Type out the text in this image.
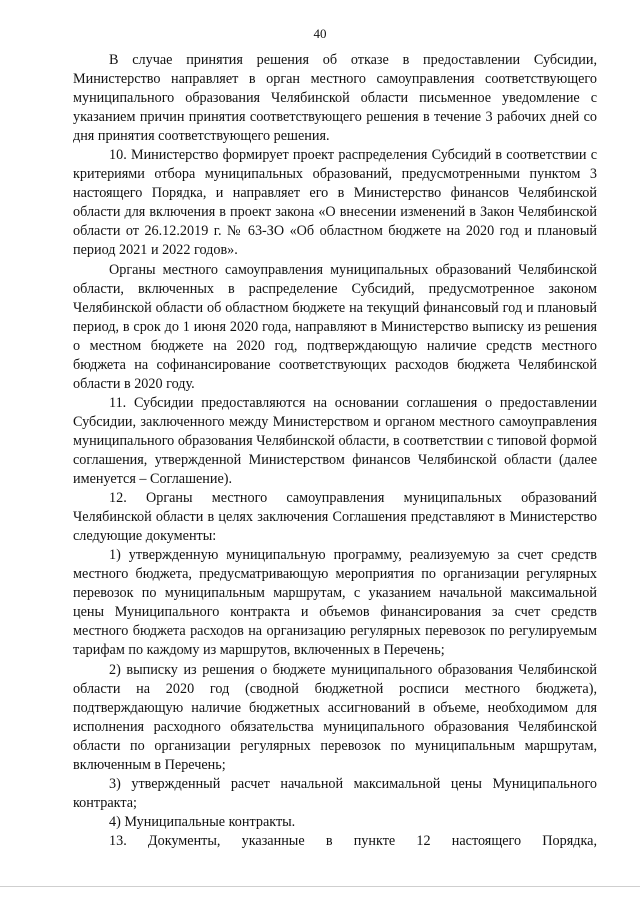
40

В случае принятия решения об отказе в предоставлении Субсидии, Министерство направляет в орган местного самоуправления соответствующего муниципального образования Челябинской области письменное уведомление с указанием причин принятия соответствующего решения в течение 3 рабочих дней со дня принятия соответствующего решения.

10. Министерство формирует проект распределения Субсидий в соответствии с критериями отбора муниципальных образований, предусмотренными пунктом 3 настоящего Порядка, и направляет его в Министерство финансов Челябинской области для включения в проект закона «О внесении изменений в Закон Челябинской области от 26.12.2019 г. № 63-ЗО «Об областном бюджете на 2020 год и плановый период 2021 и 2022 годов».

Органы местного самоуправления муниципальных образований Челябинской области, включенных в распределение Субсидий, предусмотренное законом Челябинской области об областном бюджете на текущий финансовый год и плановый период, в срок до 1 июня 2020 года, направляют в Министерство выписку из решения о местном бюджете на 2020 год, подтверждающую наличие средств местного бюджета на софинансирование соответствующих расходов бюджета Челябинской области в 2020 году.

11. Субсидии предоставляются на основании соглашения о предоставлении Субсидии, заключенного между Министерством и органом местного самоуправления муниципального образования Челябинской области, в соответствии с типовой формой соглашения, утвержденной Министерством финансов Челябинской области (далее именуется – Соглашение).

12. Органы местного самоуправления муниципальных образований Челябинской области в целях заключения Соглашения представляют в Министерство следующие документы:

1) утвержденную муниципальную программу, реализуемую за счет средств местного бюджета, предусматривающую мероприятия по организации регулярных перевозок по муниципальным маршрутам, с указанием начальной максимальной цены Муниципального контракта и объемов финансирования за счет средств местного бюджета расходов на организацию регулярных перевозок по регулируемым тарифам по каждому из маршрутов, включенных в Перечень;

2) выписку из решения о бюджете муниципального образования Челябинской области на 2020 год (сводной бюджетной росписи местного бюджета), подтверждающую наличие бюджетных ассигнований в объеме, необходимом для исполнения расходного обязательства муниципального образования Челябинской области по организации регулярных перевозок по муниципальным маршрутам, включенным в Перечень;

3) утвержденный расчет начальной максимальной цены Муниципального контракта;

4) Муниципальные контракты.

13. Документы, указанные в пункте 12 настоящего Порядка,
